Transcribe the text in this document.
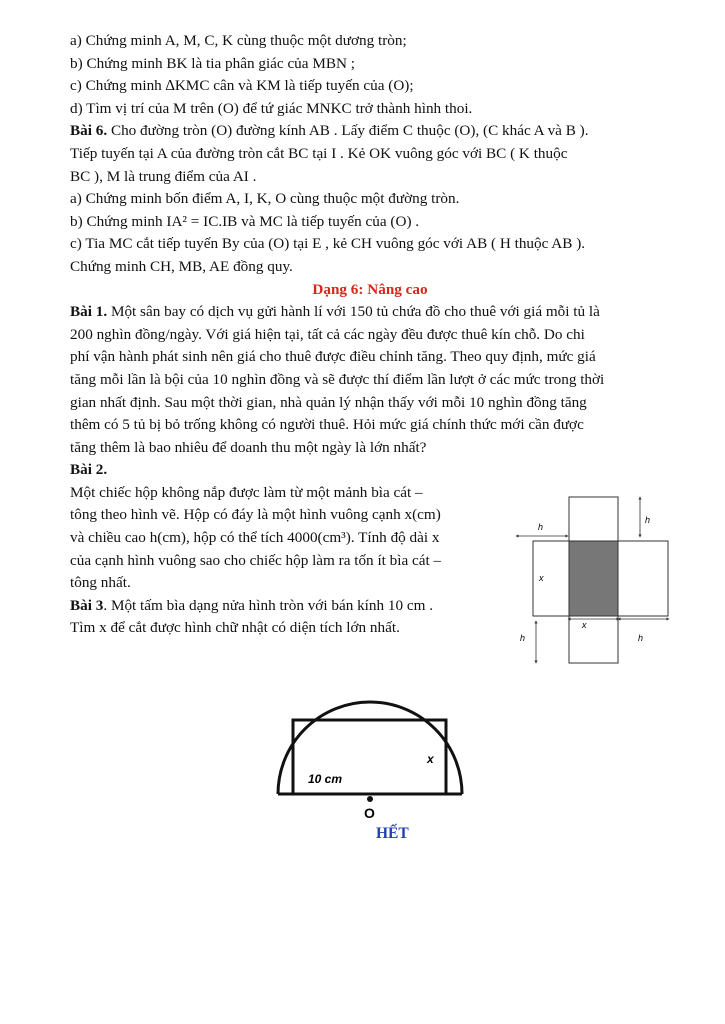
a) Chứng minh A, M, C, K cùng thuộc một dương tròn;
b) Chứng minh BK là tia phân giác của MBN ;
c) Chứng minh ∆KMC cân và KM là tiếp tuyến của (O);
d) Tìm vị trí của M trên (O) để tứ giác MNKC trở thành hình thoi.
Bài 6. Cho đường tròn (O) đường kính AB . Lấy điểm C thuộc (O), (C khác A và B ).
Tiếp tuyến tại A của đường tròn cắt BC tại I . Kẻ OK vuông góc với BC ( K thuộc
BC ), M là trung điểm của AI .
a) Chứng minh bốn điểm A, I, K, O cùng thuộc một đường tròn.
b) Chứng minh IA² = IC.IB và MC là tiếp tuyến của (O) .
c) Tia MC cắt tiếp tuyến By của (O) tại E , kẻ CH vuông góc với AB ( H thuộc AB ).
Chứng minh CH, MB, AE đồng quy.
Dạng 6: Nâng cao
Bài 1. Một sân bay có dịch vụ gửi hành lí với 150 tủ chứa đồ cho thuê với giá mỗi tủ là
200 nghìn đồng/ngày. Với giá hiện tại, tất cả các ngày đều được thuê kín chỗ. Do chi
phí vận hành phát sinh nên giá cho thuê được điều chỉnh tăng. Theo quy định, mức giá
tăng mỗi lần là bội của 10 nghìn đồng và sẽ được thí điểm lần lượt ở các mức trong thời
gian nhất định. Sau một thời gian, nhà quản lý nhận thấy với mỗi 10 nghìn đồng tăng
thêm có 5 tủ bị bỏ trống không có người thuê. Hỏi mức giá chính thức mới cần được
tăng thêm là bao nhiêu để doanh thu một ngày là lớn nhất?
Bài 2.
Một chiếc hộp không nắp được làm từ một mảnh bìa cát –
tông theo hình vẽ. Hộp có đáy là một hình vuông cạnh x(cm)
và chiều cao h(cm), hộp có thể tích 4000(cm³). Tính độ dài x
của cạnh hình vuông sao cho chiếc hộp làm ra tốn ít bìa cát –
tông nhất.
Bài 3. Một tấm bìa dạng nửa hình tròn với bán kính 10 cm .
Tìm x để cắt được hình chữ nhật có diện tích lớn nhất.
h
h
x
x
h	h
10 cm
x
O
HẾT
